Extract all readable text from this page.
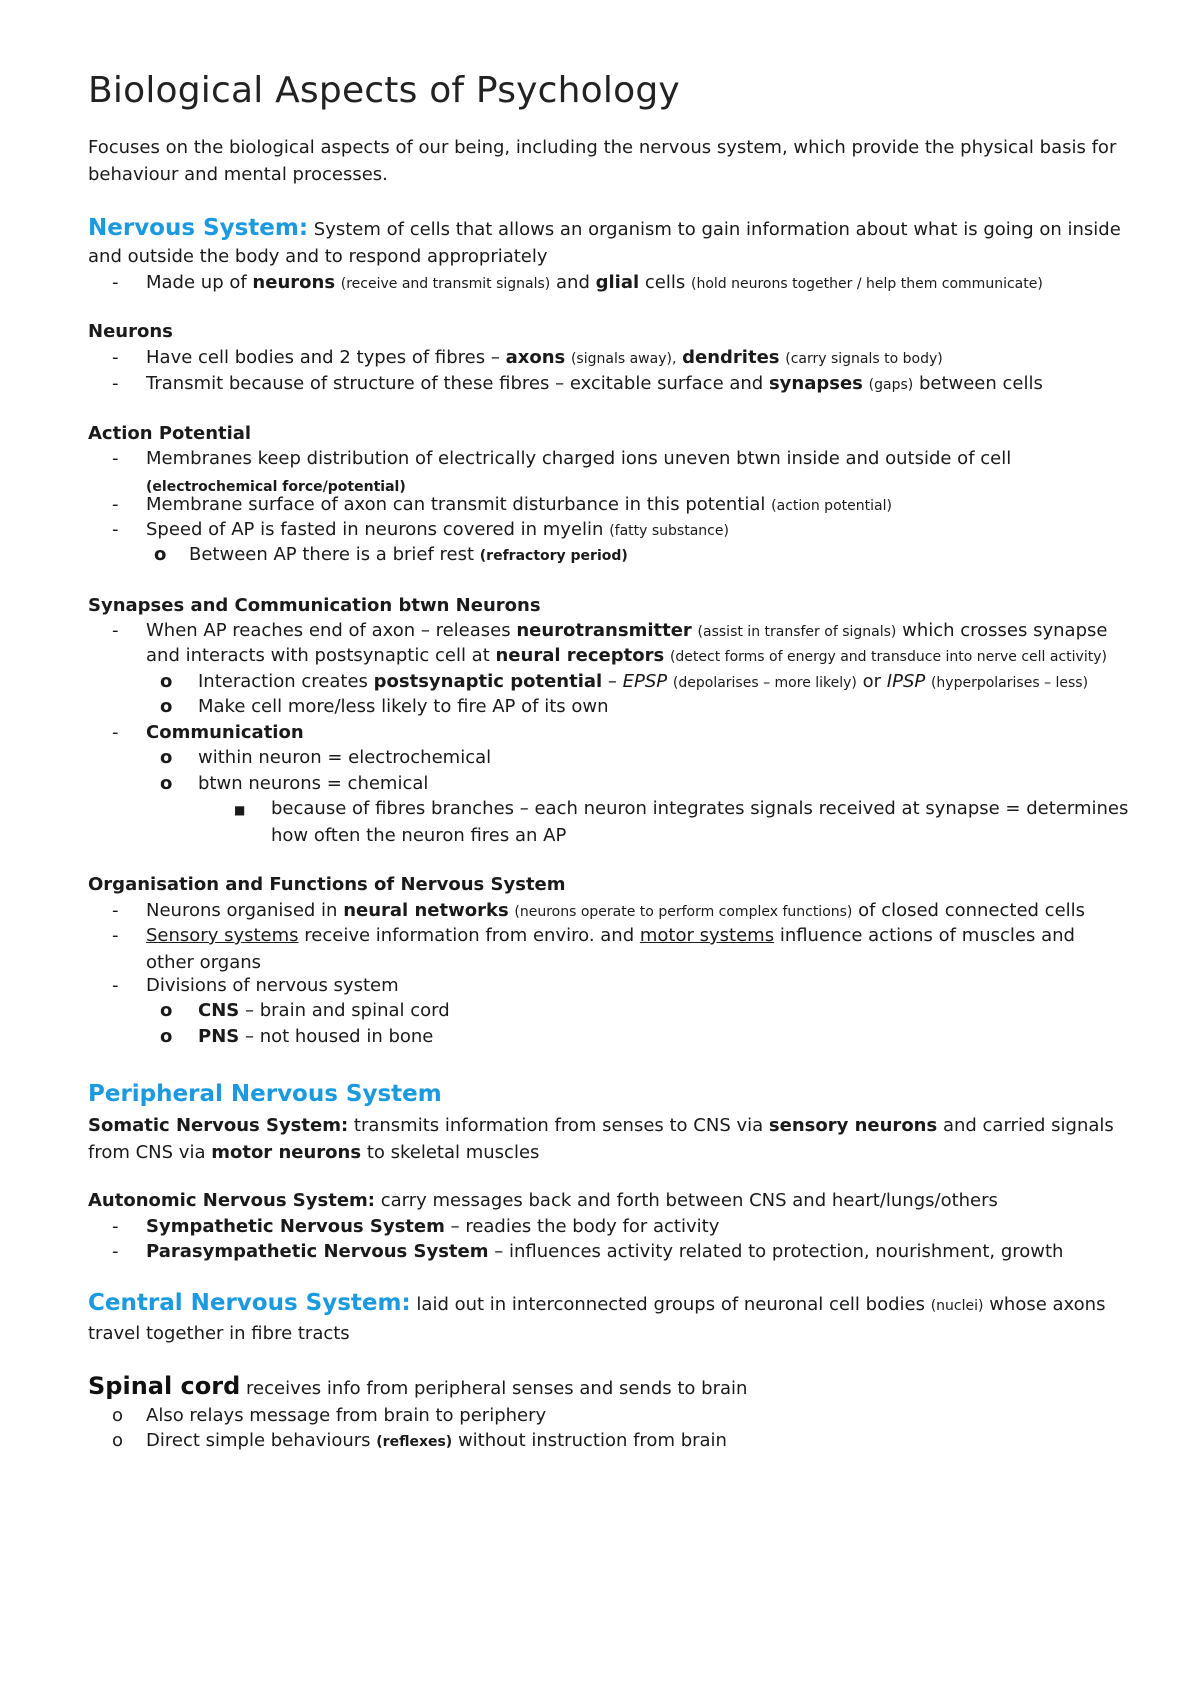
Biological Aspects of Psychology
Focuses on the biological aspects of our being, including the nervous system, which provide the physical basis for behaviour and mental processes.
Nervous System: System of cells that allows an organism to gain information about what is going on inside and outside the body and to respond appropriately
- Made up of neurons (receive and transmit signals) and glial cells (hold neurons together / help them communicate)
Neurons
- Have cell bodies and 2 types of fibres – axons (signals away), dendrites (carry signals to body)
- Transmit because of structure of these fibres – excitable surface and synapses (gaps) between cells
Action Potential
- Membranes keep distribution of electrically charged ions uneven btwn inside and outside of cell (electrochemical force/potential)
- Membrane surface of axon can transmit disturbance in this potential (action potential)
- Speed of AP is fasted in neurons covered in myelin (fatty substance)
o Between AP there is a brief rest (refractory period)
Synapses and Communication btwn Neurons
- When AP reaches end of axon – releases neurotransmitter (assist in transfer of signals) which crosses synapse
and interacts with postsynaptic cell at neural receptors (detect forms of energy and transduce into nerve cell activity)
o Interaction creates postsynaptic potential – EPSP (depolarises – more likely) or IPSP (hyperpolarises – less)
o Make cell more/less likely to fire AP of its own
- Communication
o within neuron = electrochemical
o btwn neurons = chemical
■ because of fibres branches – each neuron integrates signals received at synapse = determines how often the neuron fires an AP
Organisation and Functions of Nervous System
- Neurons organised in neural networks (neurons operate to perform complex functions) of closed connected cells
- Sensory systems receive information from enviro. and motor systems influence actions of muscles and other organs
- Divisions of nervous system
o CNS – brain and spinal cord
o PNS – not housed in bone
Peripheral Nervous System
Somatic Nervous System: transmits information from senses to CNS via sensory neurons and carried signals from CNS via motor neurons to skeletal muscles
Autonomic Nervous System: carry messages back and forth between CNS and heart/lungs/others
- Sympathetic Nervous System – readies the body for activity
- Parasympathetic Nervous System – influences activity related to protection, nourishment, growth
Central Nervous System: laid out in interconnected groups of neuronal cell bodies (nuclei) whose axons travel together in fibre tracts
Spinal cord receives info from peripheral senses and sends to brain
o Also relays message from brain to periphery
o Direct simple behaviours (reflexes) without instruction from brain
